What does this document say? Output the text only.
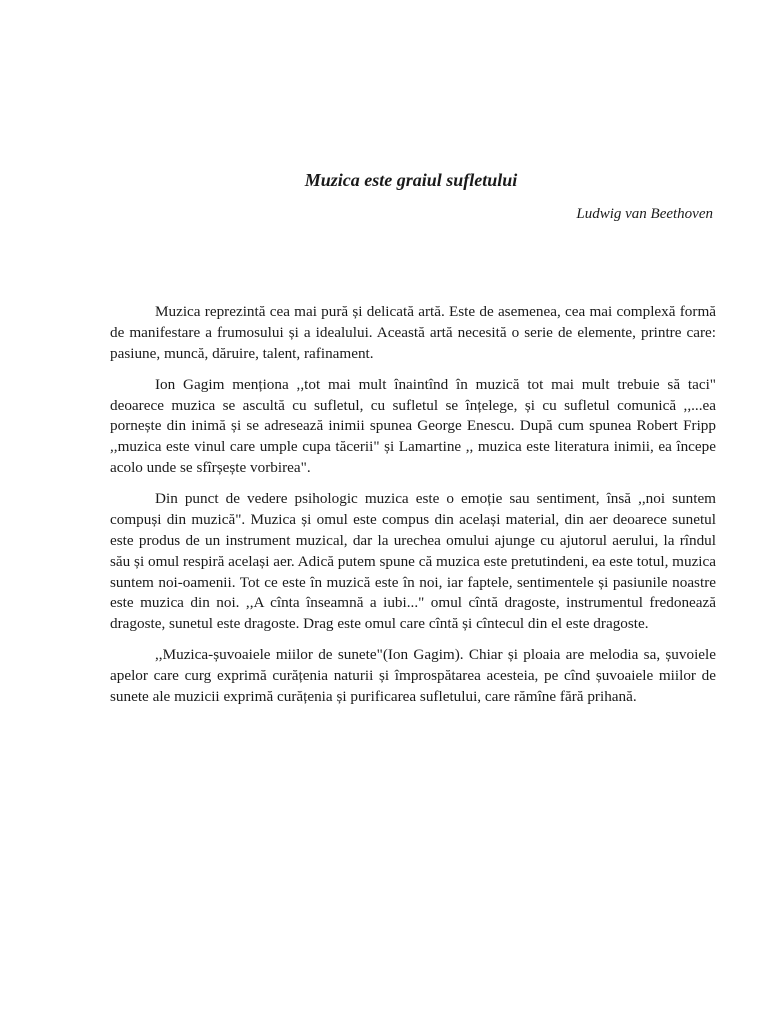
Muzica este graiul sufletului

Ludwig van Beethoven

Muzica reprezintă cea mai pură și delicată artă. Este de asemenea, cea mai complexă formă de manifestare a frumosului și a idealului. Această artă necesită o serie de elemente, printre care: pasiune, muncă, dăruire, talent, rafinament.

Ion Gagim menționa ,,tot mai mult înaintînd în muzică tot mai mult trebuie să taci" deoarece muzica se ascultă cu sufletul, cu sufletul se înțelege, și cu sufletul comunică ,,...ea pornește din inimă și se adresează inimii spunea George Enescu. După cum spunea Robert Fripp ,,muzica este vinul care umple cupa tăcerii" și Lamartine ,, muzica este literatura inimii, ea începe acolo unde se sfîrșește vorbirea".

Din punct de vedere psihologic muzica este o emoție sau sentiment, însă ,,noi suntem compuși din muzică". Muzica și omul este compus din același material, din aer deoarece sunetul este produs de un instrument muzical, dar la urechea omului ajunge cu ajutorul aerului, la rîndul său și omul respiră același aer. Adică putem spune că muzica este pretutindeni, ea este totul, muzica suntem noi-oamenii. Tot ce este în muzică este în noi, iar faptele, sentimentele și pasiunile noastre este muzica din noi. ,,A cînta înseamnă a iubi..." omul cîntă dragoste, instrumentul fredonează dragoste, sunetul este dragoste. Drag este omul care cîntă și cîntecul din el este dragoste.

,,Muzica-șuvoaiele miilor de sunete"(Ion Gagim). Chiar și ploaia are melodia sa, șuvoiele apelor care curg exprimă curățenia naturii și împrospătarea acesteia, pe cînd șuvoaiele miilor de sunete ale muzicii exprimă curățenia și purificarea sufletului, care rămîne fără prihană.
